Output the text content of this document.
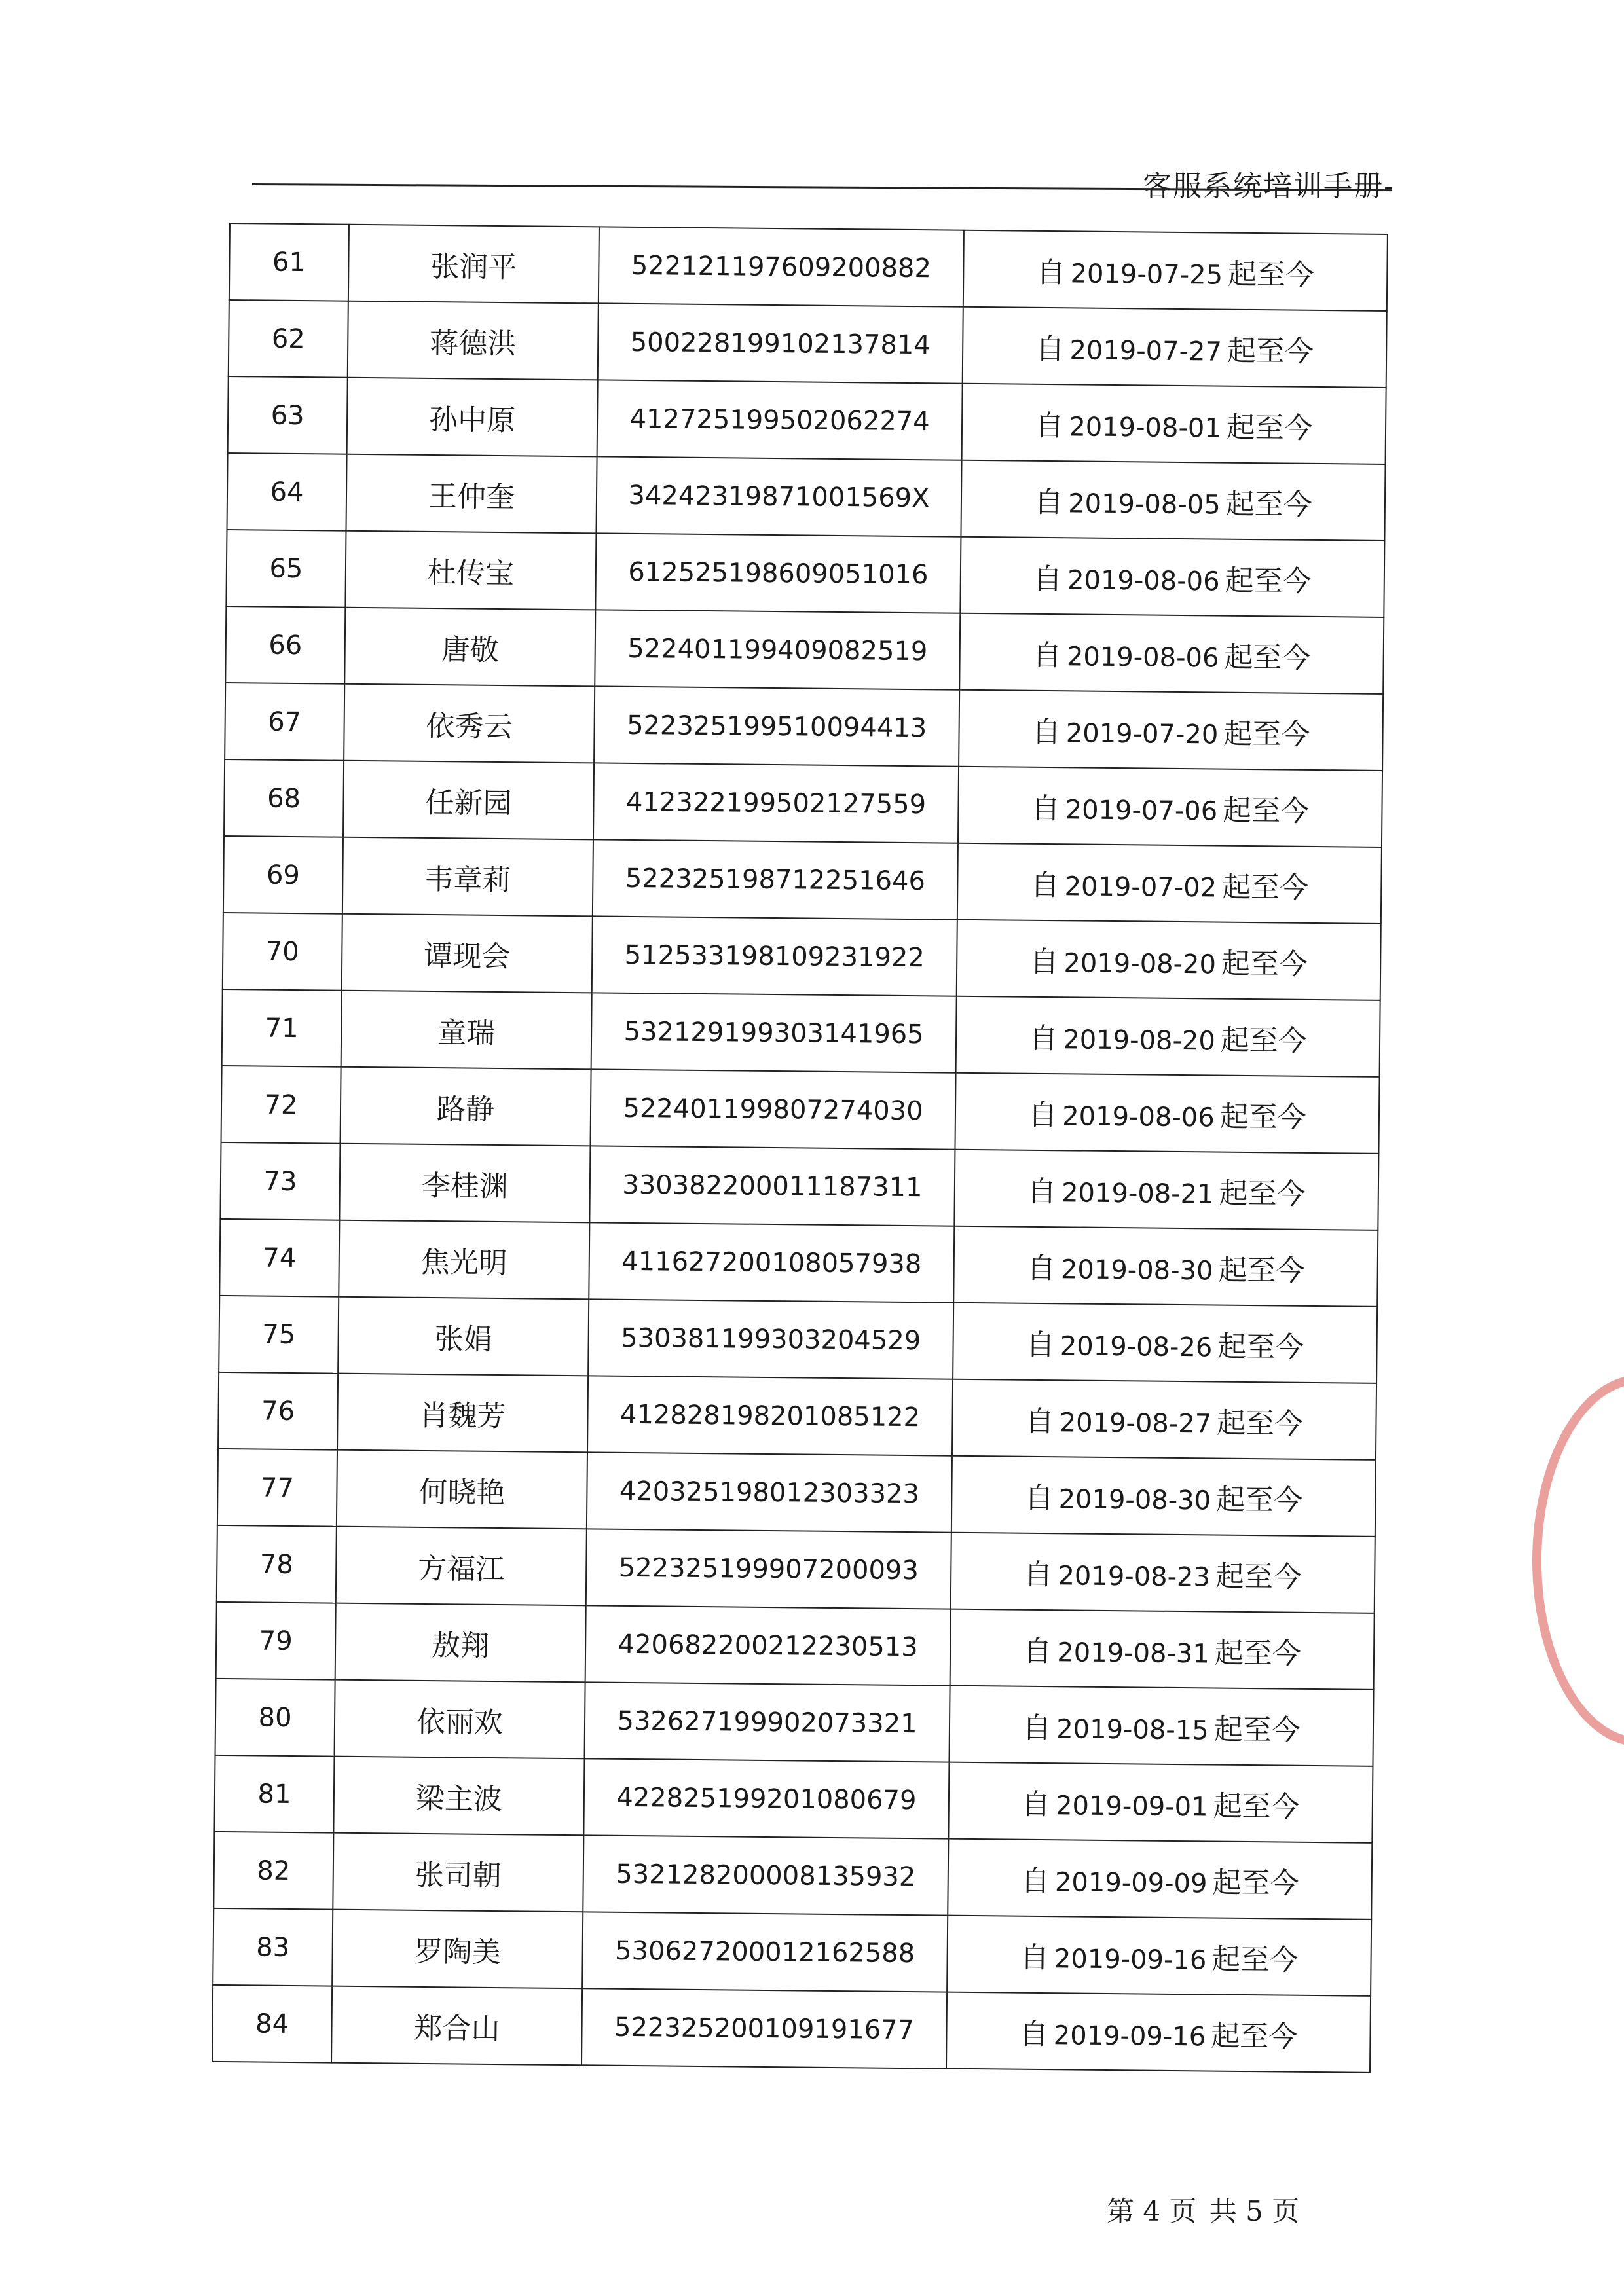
客服系统培训手册-
61	张润平	522121197609200882	自 2019-07-25 起至今
62	蒋德洪	500228199102137814	自 2019-07-27 起至今
63	孙中原	412725199502062274	自 2019-08-01 起至今
64	王仲奎	34242319871001569X	自 2019-08-05 起至今
65	杜传宝	612525198609051016	自 2019-08-06 起至今
66	唐敬	522401199409082519	自 2019-08-06 起至今
67	依秀云	522325199510094413	自 2019-07-20 起至今
68	任新园	412322199502127559	自 2019-07-06 起至今
69	韦章莉	522325198712251646	自 2019-07-02 起至今
70	谭现会	512533198109231922	自 2019-08-20 起至今
71	童瑞	532129199303141965	自 2019-08-20 起至今
72	路静	522401199807274030	自 2019-08-06 起至今
73	李桂渊	330382200011187311	自 2019-08-21 起至今
74	焦光明	411627200108057938	自 2019-08-30 起至今
75	张娟	530381199303204529	自 2019-08-26 起至今
76	肖魏芳	412828198201085122	自 2019-08-27 起至今
77	何晓艳	420325198012303323	自 2019-08-30 起至今
78	方福江	522325199907200093	自 2019-08-23 起至今
79	敖翔	420682200212230513	自 2019-08-31 起至今
80	依丽欢	532627199902073321	自 2019-08-15 起至今
81	梁主波	422825199201080679	自 2019-09-01 起至今
82	张司朝	532128200008135932	自 2019-09-09 起至今
83	罗陶美	530627200012162588	自 2019-09-16 起至今
84	郑合山	522325200109191677	自 2019-09-16 起至今
第 4 页 共 5 页
